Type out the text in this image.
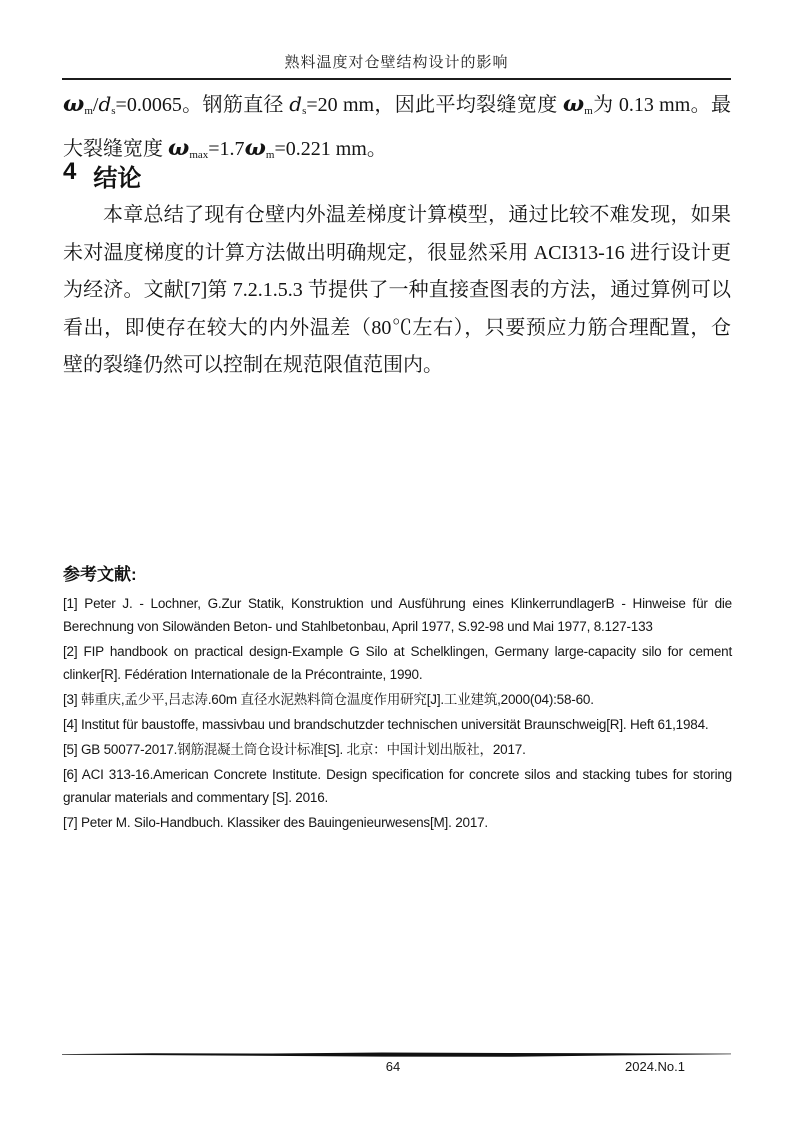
熟料温度对仓壁结构设计的影响
ωm/ds=0.0065。钢筋直径 ds=20 mm，因此平均裂缝宽度 ωm为 0.13 mm。最大裂缝宽度 ωmax=1.7ωm=0.221 mm。
4 结论

本章总结了现有仓壁内外温差梯度计算模型，通过比较不难发现，如果未对温度梯度的计算方法做出明确规定，很显然采用 ACI313-16 进行设计更为经济。文献[7]第 7.2.1.5.3 节提供了一种直接查图表的方法，通过算例可以看出，即使存在较大的内外温差（80℃左右），只要预应力筋合理配置，仓壁的裂缝仍然可以控制在规范限值范围内。

参考文献:

[1] Peter J. - Lochner, G.Zur Statik, Konstruktion und Ausführung eines KlinkerrundlagerB - Hinweise für die Berechnung von Silowänden Beton- und Stahlbetonbau, April 1977, S.92-98 und Mai 1977, 8.127-133

[2] FIP handbook on practical design-Example G Silo at Schelklingen, Germany large-capacity silo for cement clinker[R]. Fédération Internationale de la Précontrainte, 1990.

[3] 韩重庆,孟少平,吕志涛.60m 直径水泥熟料筒仓温度作用研究[J].工业建筑,2000(04):58-60.

[4] Institut für baustoffe, massivbau und brandschutzder technischen universität Braunschweig[R]. Heft 61,1984.

[5] GB 50077-2017.钢筋混凝土筒仓设计标准[S]. 北京：中国计划出版社，2017.

[6] ACI 313-16.American Concrete Institute. Design specification for concrete silos and stacking tubes for storing granular materials and commentary [S]. 2016.

[7] Peter M. Silo-Handbuch. Klassiker des Bauingenieurwesens[M]. 2017.

64	2024.No.1
